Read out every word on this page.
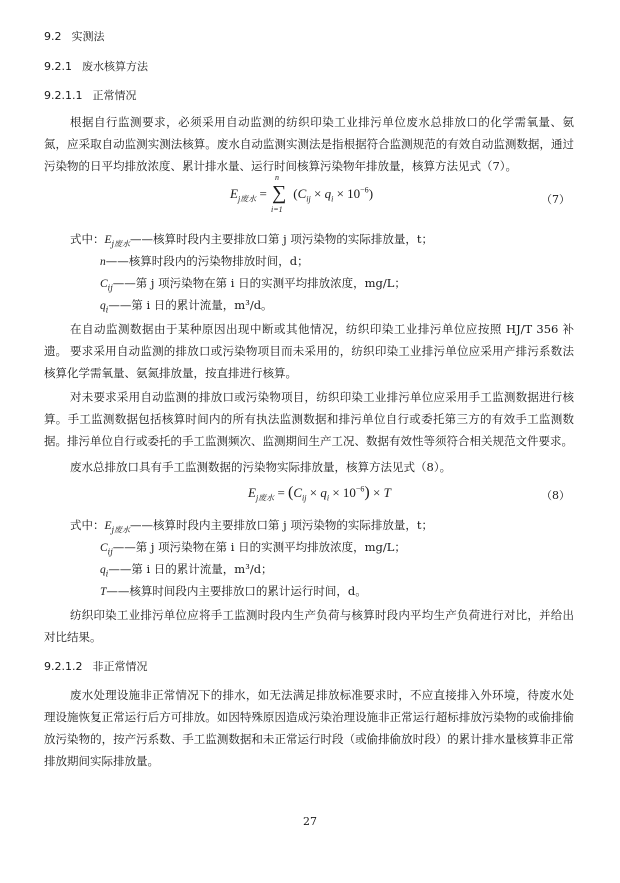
9.2 实测法
9.2.1 废水核算方法
9.2.1.1 正常情况
根据自行监测要求，必须采用自动监测的纺织印染工业排污单位废水总排放口的化学需氧量、氨氮，应采取自动监测实测法核算。废水自动监测实测法是指根据符合监测规范的有效自动监测数据，通过污染物的日平均排放浓度、累计排水量、运行时间核算污染物年排放量，核算方法见式（7）。
$E_{j废水}$ =
n
∑
i=1
$(C_{ij} \times q_i \times 10^{-6})$	（7）
式中：$E_{j废水}——$核算时段内主要排放口第 j 项污染物的实际排放量，t；
n——核算时段内的污染物排放时间，d；
$C_{ij}——$第 j 项污染物在第 i 日的实测平均排放浓度，mg/L；
$q_i——$第 i 日的累计流量，m³/d。
在自动监测数据由于某种原因出现中断或其他情况，纺织印染工业排污单位应按照 HJ/T 356 补遗。 要求采用自动监测的排放口或污染物项目而未采用的，纺织印染工业排污单位应采用产排污系数法核算化学需氧量、氨氮排放量，按直排进行核算。
对未要求采用自动监测的排放口或污染物项目，纺织印染工业排污单位应采用手工监测数据进行核算。手工监测数据包括核算时间内的所有执法监测数据和排污单位自行或委托第三方的有效手工监测数据。排污单位自行或委托的手工监测频次、监测期间生产工况、数据有效性等须符合相关规范文件要求。
废水总排放口具有手工监测数据的污染物实际排放量，核算方法见式（8）。
$E_{j废水} = (C_{ij} \times q_i \times 10^{-6}) \times T$	（8）
式中：$E_{j废水}——$核算时段内主要排放口第 j 项污染物的实际排放量，t；
$C_{ij}——$第 j 项污染物在第 i 日的实测平均排放浓度，mg/L；
$q_i——$第 i 日的累计流量，m³/d；
T——核算时间段内主要排放口的累计运行时间，d。
纺织印染工业排污单位应将手工监测时段内生产负荷与核算时段内平均生产负荷进行对比，并给出对比结果。
9.2.1.2 非正常情况
废水处理设施非正常情况下的排水，如无法满足排放标准要求时，不应直接排入外环境，待废水处理设施恢复正常运行后方可排放。如因特殊原因造成污染治理设施非正常运行超标排放污染物的或偷排偷放污染物的，按产污系数、手工监测数据和未正常运行时段（或偷排偷放时段）的累计排水量核算非正常排放期间实际排放量。
27
